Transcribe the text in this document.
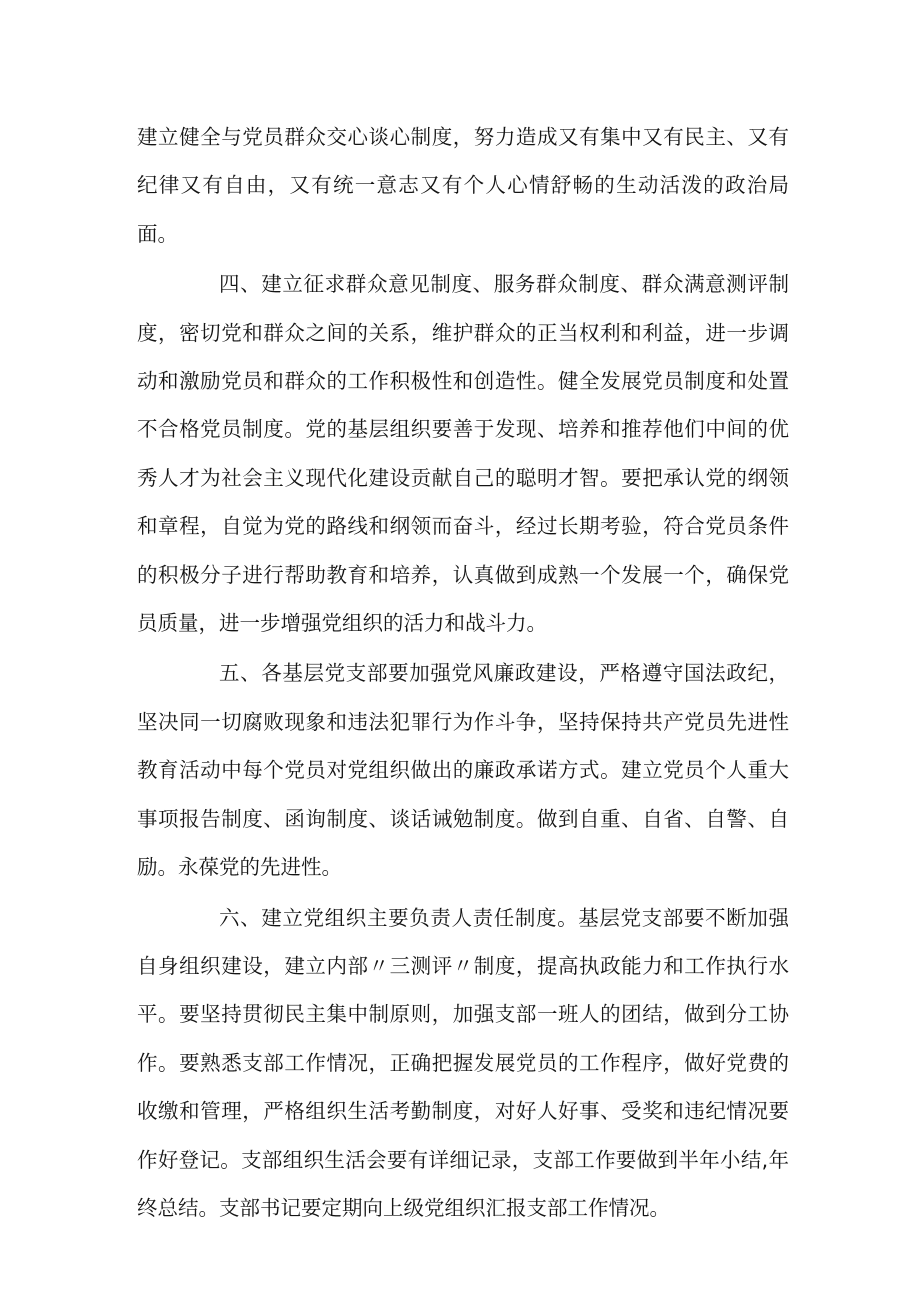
建立健全与党员群众交心谈心制度，努力造成又有集中又有民主、又有纪律又有自由，又有统一意志又有个人心情舒畅的生动活泼的政治局面。

四、建立征求群众意见制度、服务群众制度、群众满意测评制度，密切党和群众之间的关系，维护群众的正当权利和利益，进一步调动和激励党员和群众的工作积极性和创造性。健全发展党员制度和处置不合格党员制度。党的基层组织要善于发现、培养和推荐他们中间的优秀人才为社会主义现代化建设贡献自己的聪明才智。要把承认党的纲领和章程，自觉为党的路线和纲领而奋斗，经过长期考验，符合党员条件的积极分子进行帮助教育和培养，认真做到成熟一个发展一个，确保党员质量，进一步增强党组织的活力和战斗力。

五、各基层党支部要加强党风廉政建设，严格遵守国法政纪，坚决同一切腐败现象和违法犯罪行为作斗争，坚持保持共产党员先进性教育活动中每个党员对党组织做出的廉政承诺方式。建立党员个人重大事项报告制度、函询制度、谈话诫勉制度。做到自重、自省、自警、自励。永葆党的先进性。

六、建立党组织主要负责人责任制度。基层党支部要不断加强自身组织建设，建立内部〃三测评〃制度，提高执政能力和工作执行水平。要坚持贯彻民主集中制原则，加强支部一班人的团结，做到分工协作。要熟悉支部工作情况，正确把握发展党员的工作程序，做好党费的收缴和管理，严格组织生活考勤制度，对好人好事、受奖和违纪情况要作好登记。支部组织生活会要有详细记录，支部工作要做到半年小结,年终总结。支部书记要定期向上级党组织汇报支部工作情况。
